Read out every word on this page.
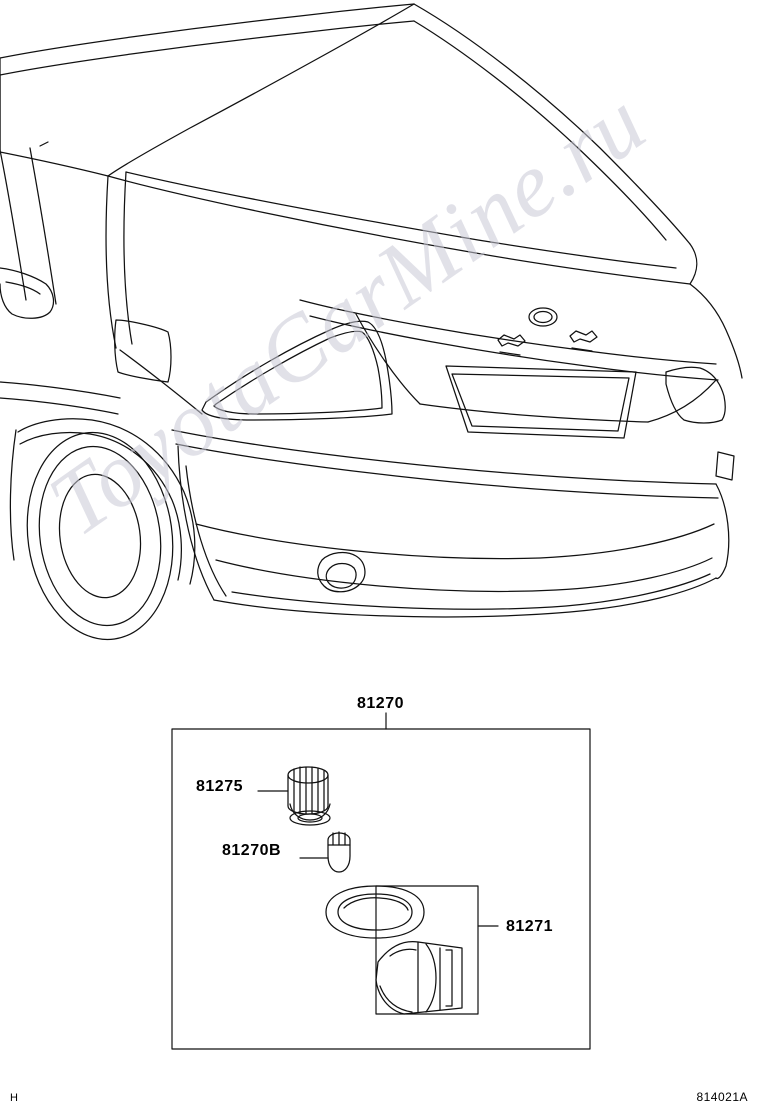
ToyotaCarMine.ru
81270
81275
81270B
81271
H	814021A
